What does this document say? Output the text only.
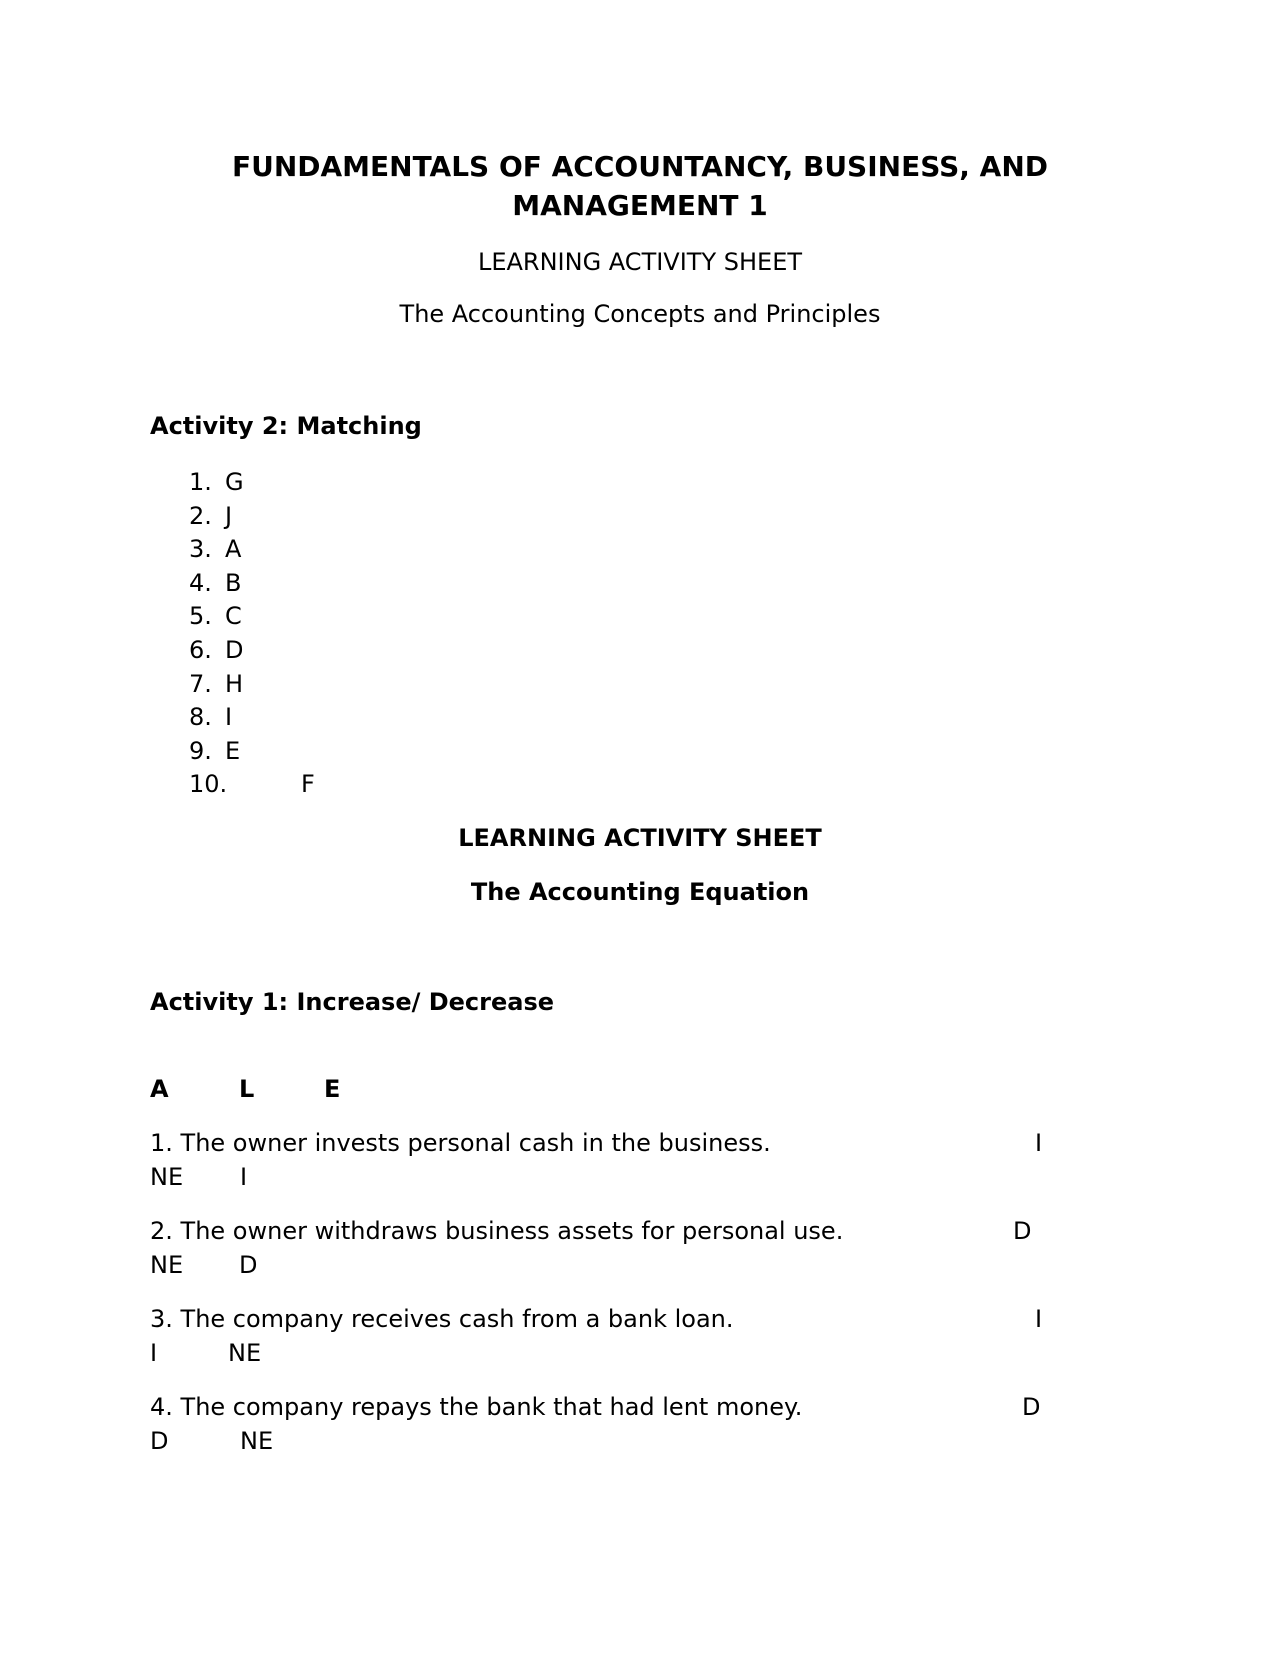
FUNDAMENTALS OF ACCOUNTANCY, BUSINESS, AND
MANAGEMENT 1
LEARNING ACTIVITY SHEET
The Accounting Concepts and Principles
Activity 2: Matching
1. G
2. J
3. A
4. B
5. C
6. D
7. H
8. I
9. E
10.	F
LEARNING ACTIVITY SHEET
The Accounting Equation
Activity 1: Increase/ Decrease
A	L	E
1. The owner invests personal cash in the business.	I
NE I
2. The owner withdraws business assets for personal use.	D
NE D
3. The company receives cash from a bank loan.	I
I	NE
4. The company repays the bank that had lent money.	D
D	NE
